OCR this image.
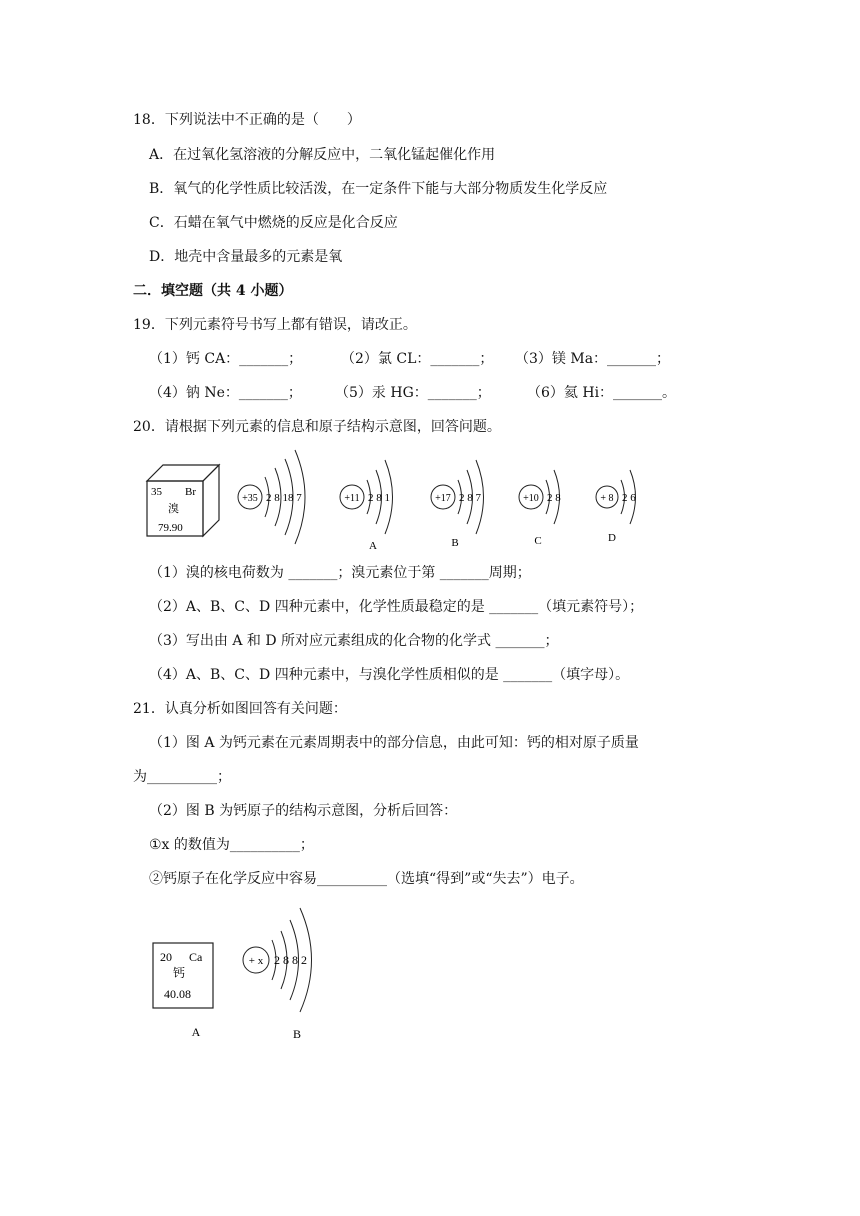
18．下列说法中不正确的是（　　）
A．在过氧化氢溶液的分解反应中，二氧化锰起催化作用
B．氧气的化学性质比较活泼，在一定条件下能与大部分物质发生化学反应
C．石蜡在氧气中燃烧的反应是化合反应
D．地壳中含量最多的元素是氧
二．填空题（共 4 小题）
19．下列元素符号书写上都有错误，请改正。
（1）钙 CA：_______；	（2）氯 CL：_______； （3）镁 Ma：_______；
（4）钠 Ne：_______； （5）汞 HG：_______；	（6）氦 Hi：_______。
20．请根据下列元素的信息和原子结构示意图，回答问题。
35 Br
溴
79.90
+35 2 8 18 7	+11 2 8 1
A
+17 2 8 7
B
+10 2 8
C
+ 8 2 6
D
（1）溴的核电荷数为 _______；溴元素位于第 _______周期；
（2）A、B、C、D 四种元素中，化学性质最稳定的是 _______（填元素符号）；
（3）写出由 A 和 D 所对应元素组成的化合物的化学式 _______；
（4）A、B、C、D 四种元素中，与溴化学性质相似的是 _______（填字母）。
21．认真分析如图回答有关问题：
（1）图 A 为钙元素在元素周期表中的部分信息，由此可知：钙的相对原子质量
为__________；
（2）图 B 为钙原子的结构示意图，分析后回答：
①x 的数值为__________；
②钙原子在化学反应中容易__________（选填“得到”或“失去”）电子。
20 Ca
钙
40.08
A
+ x 2 8 8 2
B
